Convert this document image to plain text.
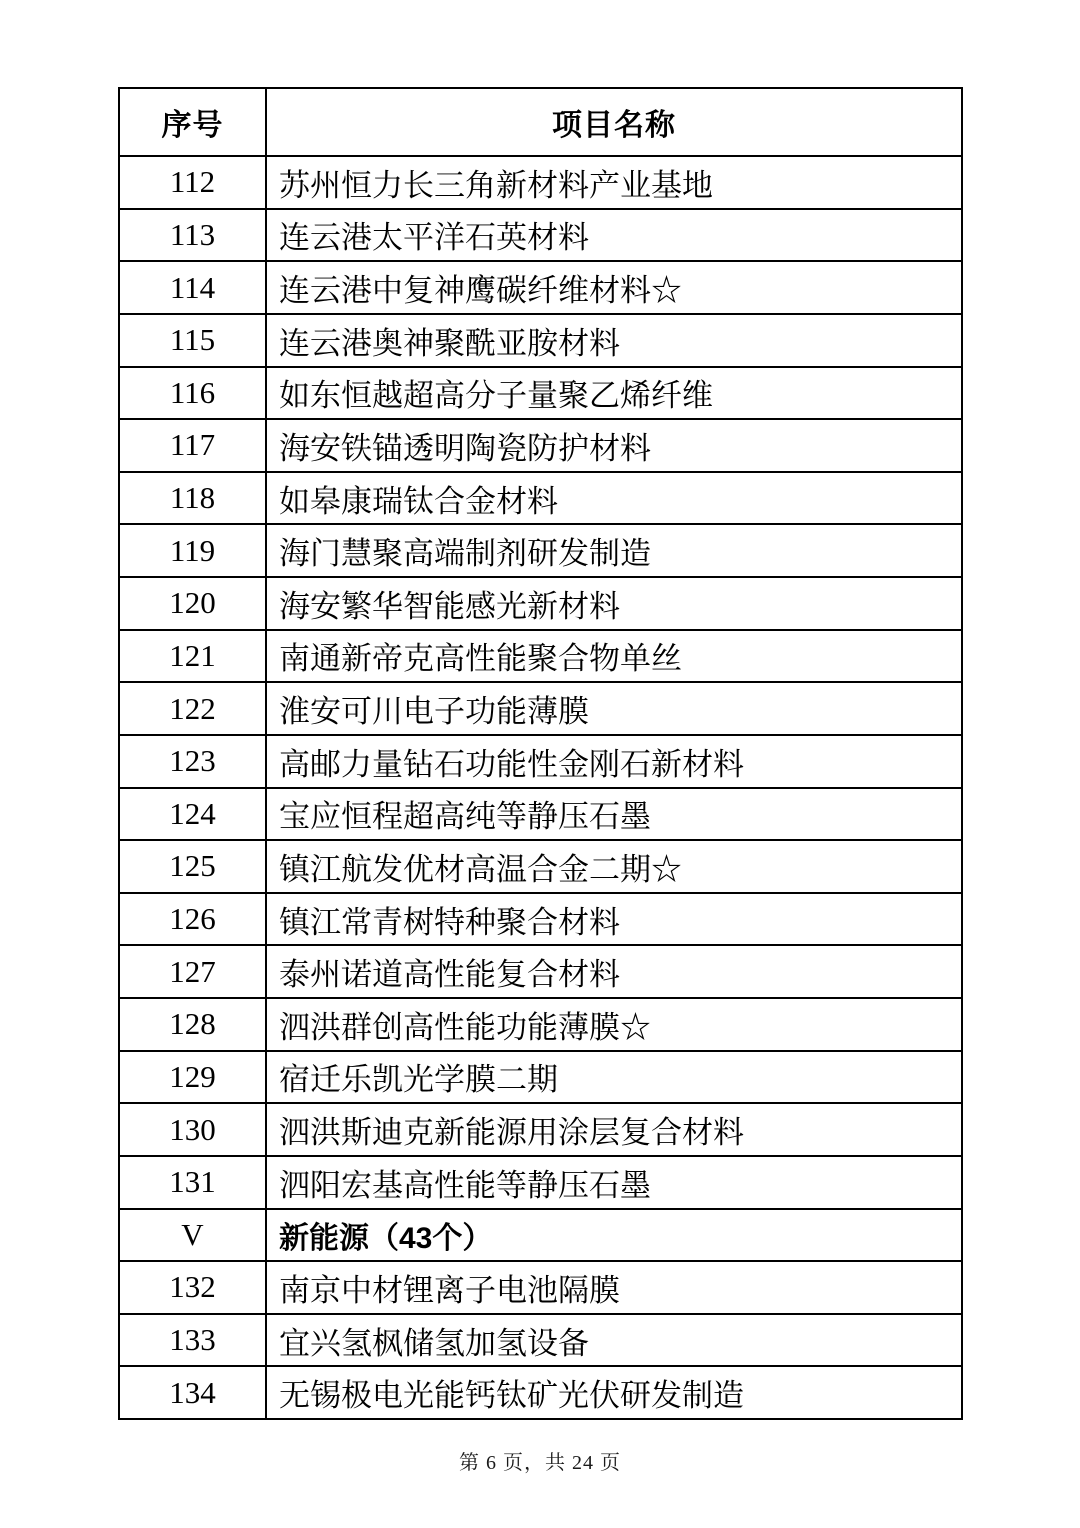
序号	项目名称
112	苏州恒力长三角新材料产业基地
113	连云港太平洋石英材料
114	连云港中复神鹰碳纤维材料☆
115	连云港奥神聚酰亚胺材料
116	如东恒越超高分子量聚乙烯纤维
117	海安铁锚透明陶瓷防护材料
118	如皋康瑞钛合金材料
119	海门慧聚高端制剂研发制造
120	海安繁华智能感光新材料
121	南通新帝克高性能聚合物单丝
122	淮安可川电子功能薄膜
123	高邮力量钻石功能性金刚石新材料
124	宝应恒程超高纯等静压石墨
125	镇江航发优材高温合金二期☆
126	镇江常青树特种聚合材料
127	泰州诺道高性能复合材料
128	泗洪群创高性能功能薄膜☆
129	宿迁乐凯光学膜二期
130	泗洪斯迪克新能源用涂层复合材料
131	泗阳宏基高性能等静压石墨
V	新能源（43个）
132	南京中材锂离子电池隔膜
133	宜兴氢枫储氢加氢设备
134	无锡极电光能钙钛矿光伏研发制造
第 6 页，共 24 页
